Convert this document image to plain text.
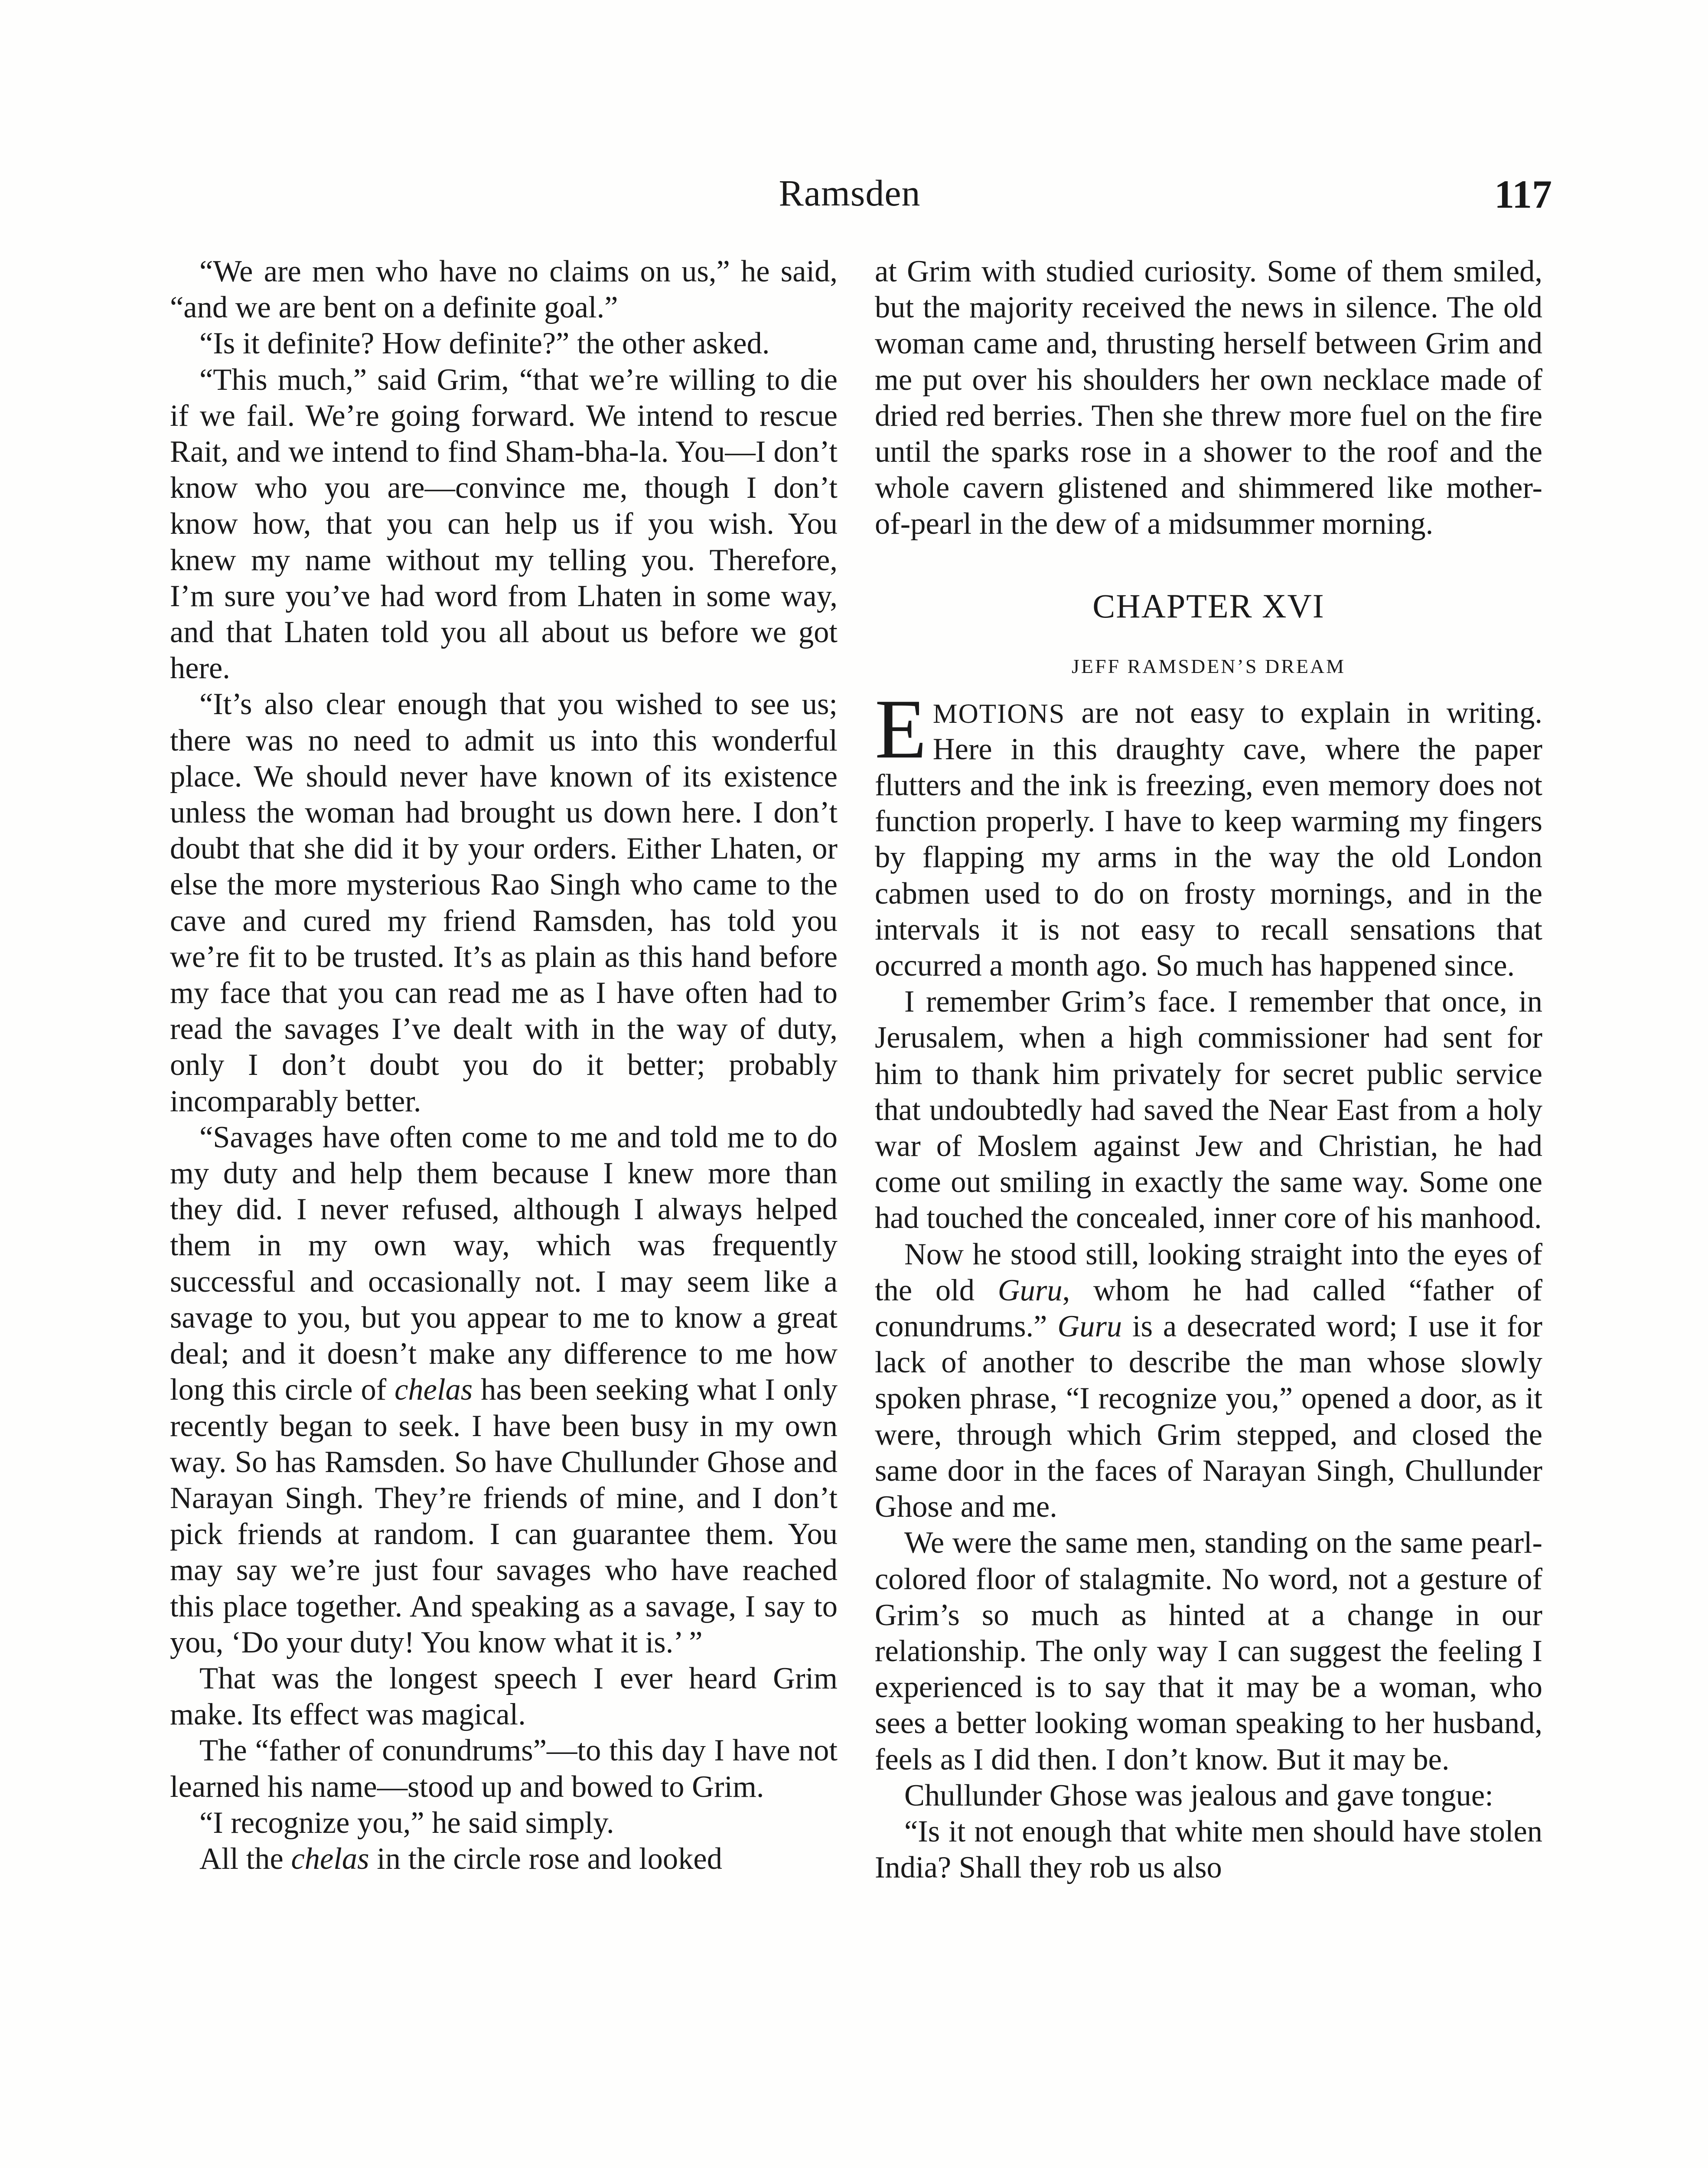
Ramsden	117

“We are men who have no claims on us,” he said, “and we are bent on a definite goal.”

“Is it definite? How definite?” the other asked.

“This much,” said Grim, “that we’re willing to die if we fail. We’re going forward. We intend to rescue Rait, and we intend to find Sham-bha-la. You—I don’t know who you are—convince me, though I don’t know how, that you can help us if you wish. You knew my name without my telling you. Therefore, I’m sure you’ve had word from Lhaten in some way, and that Lhaten told you all about us before we got here.

“It’s also clear enough that you wished to see us; there was no need to admit us into this wonderful place. We should never have known of its existence unless the woman had brought us down here. I don’t doubt that she did it by your orders. Either Lhaten, or else the more mysterious Rao Singh who came to the cave and cured my friend Ramsden, has told you we’re fit to be trusted. It’s as plain as this hand before my face that you can read me as I have often had to read the savages I’ve dealt with in the way of duty, only I don’t doubt you do it better; probably incomparably better.

“Savages have often come to me and told me to do my duty and help them because I knew more than they did. I never refused, although I always helped them in my own way, which was frequently successful and occasionally not. I may seem like a savage to you, but you appear to me to know a great deal; and it doesn’t make any difference to me how long this circle of chelas has been seeking what I only recently began to seek. I have been busy in my own way. So has Ramsden. So have Chullunder Ghose and Narayan Singh. They’re friends of mine, and I don’t pick friends at random. I can guarantee them. You may say we’re just four savages who have reached this place together. And speaking as a savage, I say to you, ‘Do your duty! You know what it is.’ ”

That was the longest speech I ever heard Grim make. Its effect was magical.

The “father of conundrums”—to this day I have not learned his name—stood up and bowed to Grim.

“I recognize you,” he said simply.

All the chelas in the circle rose and looked

at Grim with studied curiosity. Some of them smiled, but the majority received the news in silence. The old woman came and, thrusting herself between Grim and me put over his shoulders her own necklace made of dried red berries. Then she threw more fuel on the fire until the sparks rose in a shower to the roof and the whole cavern glistened and shimmered like mother-of-pearl in the dew of a midsummer morning.

CHAPTER XVI
JEFF RAMSDEN’S DREAM

EMOTIONS are not easy to explain in writing. Here in this draughty cave, where the paper flutters and the ink is freezing, even memory does not function properly. I have to keep warming my fingers by flapping my arms in the way the old London cabmen used to do on frosty mornings, and in the intervals it is not easy to recall sensations that occurred a month ago. So much has happened since.

I remember Grim’s face. I remember that once, in Jerusalem, when a high commissioner had sent for him to thank him privately for secret public service that undoubtedly had saved the Near East from a holy war of Moslem against Jew and Christian, he had come out smiling in exactly the same way. Some one had touched the concealed, inner core of his manhood.

Now he stood still, looking straight into the eyes of the old Guru, whom he had called “father of conundrums.” Guru is a desecrated word; I use it for lack of another to describe the man whose slowly spoken phrase, “I recognize you,” opened a door, as it were, through which Grim stepped, and closed the same door in the faces of Narayan Singh, Chullunder Ghose and me.

We were the same men, standing on the same pearl-colored floor of stalagmite. No word, not a gesture of Grim’s so much as hinted at a change in our relationship. The only way I can suggest the feeling I experienced is to say that it may be a woman, who sees a better looking woman speaking to her husband, feels as I did then. I don’t know. But it may be.

Chullunder Ghose was jealous and gave tongue:

“Is it not enough that white men should have stolen India? Shall they rob us also
